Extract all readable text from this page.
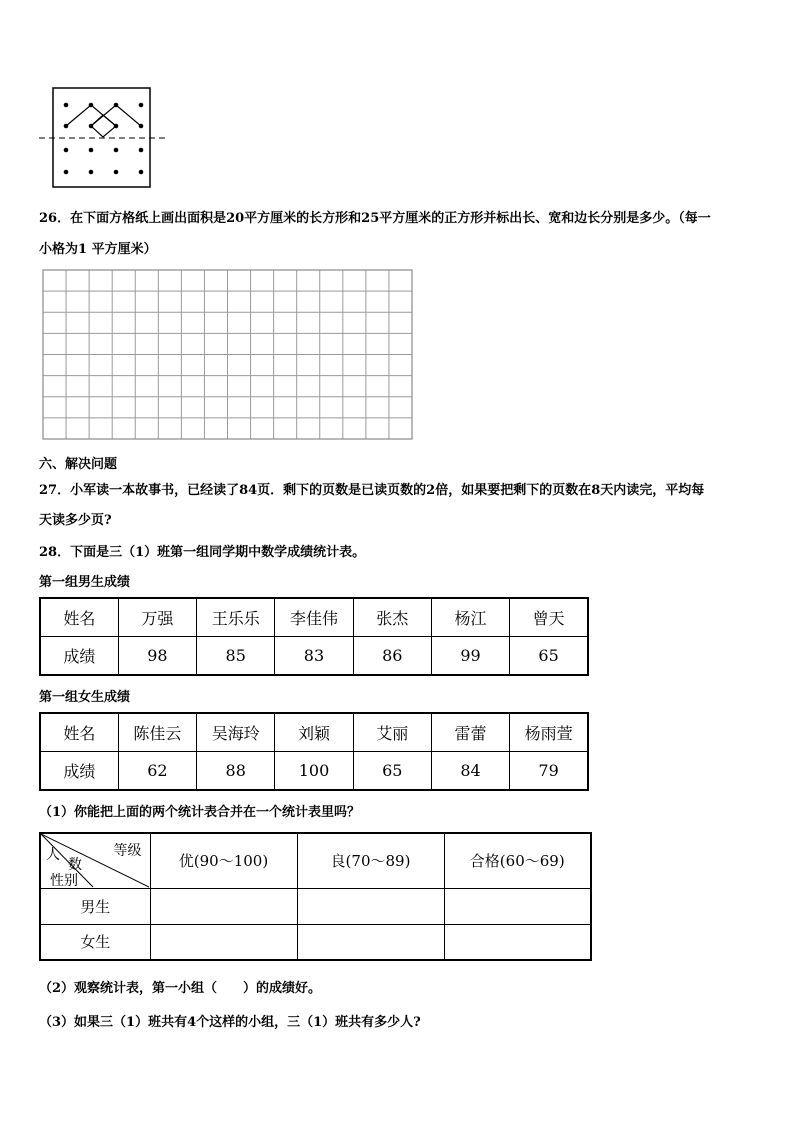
26．在下面方格纸上画出面积是20平方厘米的长方形和25平方厘米的正方形并标出长、宽和边长分别是多少。（每一
小格为1 平方厘米）
六、解决问题
27．小军读一本故事书，已经读了84页．剩下的页数是已读页数的2倍，如果要把剩下的页数在8天内读完，平均每
天读多少页?
28．下面是三（1）班第一组同学期中数学成绩统计表。
第一组男生成绩
姓名	万强	王乐乐	李佳伟	张杰	杨江	曾天
成绩	98	85	83	86	99	65
第一组女生成绩
姓名	陈佳云	吴海玲	刘颖	艾丽	雷蕾	杨雨萱
成绩	62	88	100	65	84	79
（1）你能把上面的两个统计表合并在一个统计表里吗？
等级
人
数
性别	优(90～100)	良(70～89)	合格(60～69)
男生			
女生			
（2）观察统计表，第一小组（　　）的成绩好。
（3）如果三（1）班共有4个这样的小组，三（1）班共有多少人?
